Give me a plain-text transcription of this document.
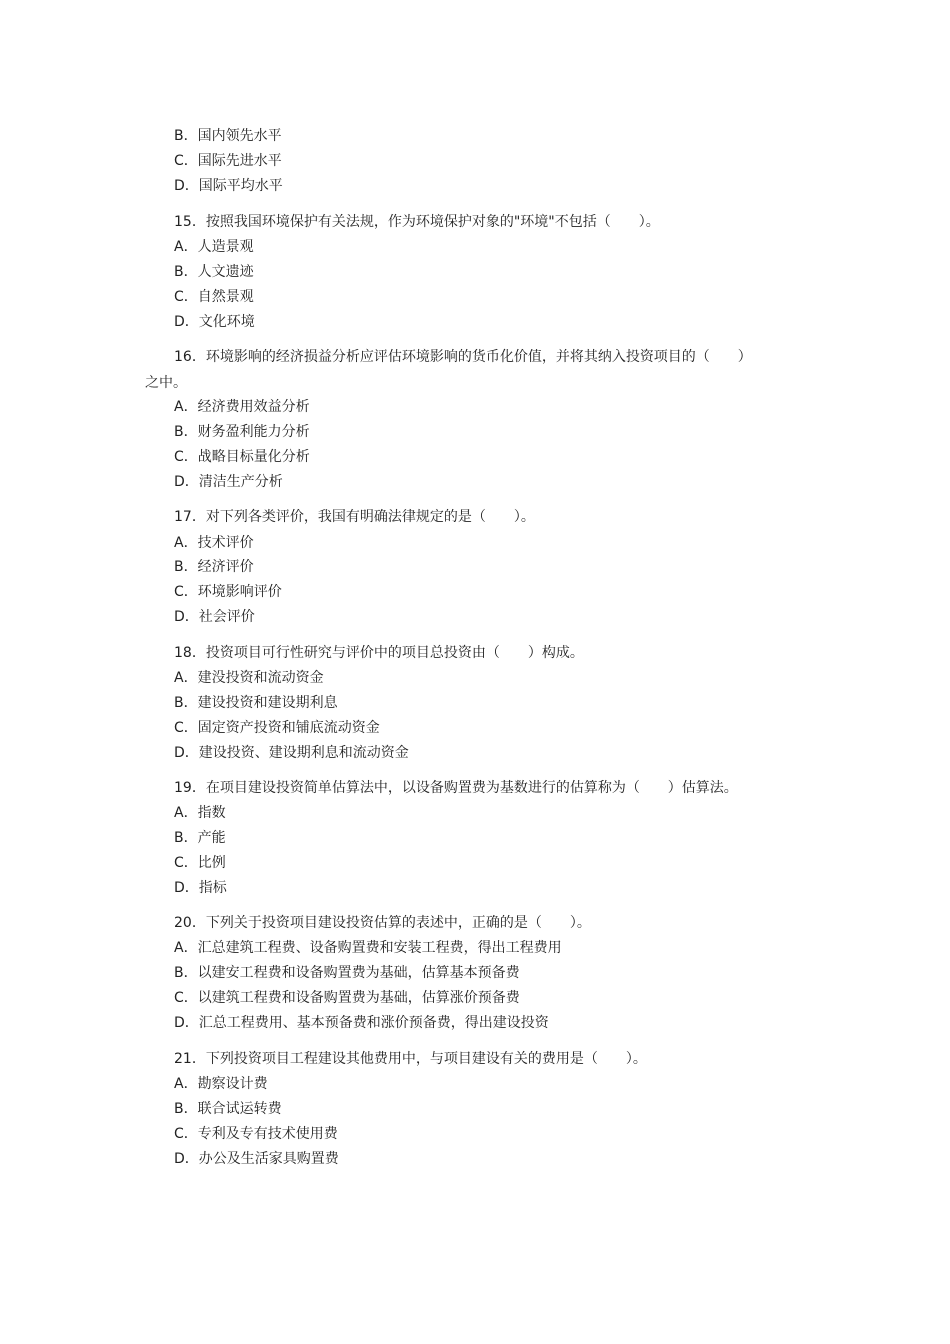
B．国内领先水平
C．国际先进水平
D．国际平均水平
15．按照我国环境保护有关法规，作为环境保护对象的"环境"不包括（　　）。
A．人造景观
B．人文遗迹
C．自然景观
D．文化环境
16．环境影响的经济损益分析应评估环境影响的货币化价值，并将其纳入投资项目的（　　）
之中。
A．经济费用效益分析
B．财务盈利能力分析
C．战略目标量化分析
D．清洁生产分析
17．对下列各类评价，我国有明确法律规定的是（　　）。
A．技术评价
B．经济评价
C．环境影响评价
D．社会评价
18．投资项目可行性研究与评价中的项目总投资由（　　）构成。
A．建没投资和流动资金
B．建设投资和建设期利息
C．固定资产投资和铺底流动资金
D．建设投资、建设期利息和流动资金
19．在项目建设投资简单估算法中，以设备购置费为基数进行的估算称为（　　）估算法。
A．指数
B．产能
C．比例
D．指标
20．下列关于投资项目建设投资估算的表述中，正确的是（　　）。
A．汇总建筑工程费、设备购置费和安装工程费，得出工程费用
B．以建安工程费和设备购置费为基础，估算基本预备费
C．以建筑工程费和设备购置费为基础，估算涨价预备费
D．汇总工程费用、基本预备费和涨价预备费，得出建设投资
21．下列投资项目工程建设其他费用中，与项目建设有关的费用是（　　）。
A．勘察设计费
B．联合试运转费
C．专利及专有技术使用费
D．办公及生活家具购置费
